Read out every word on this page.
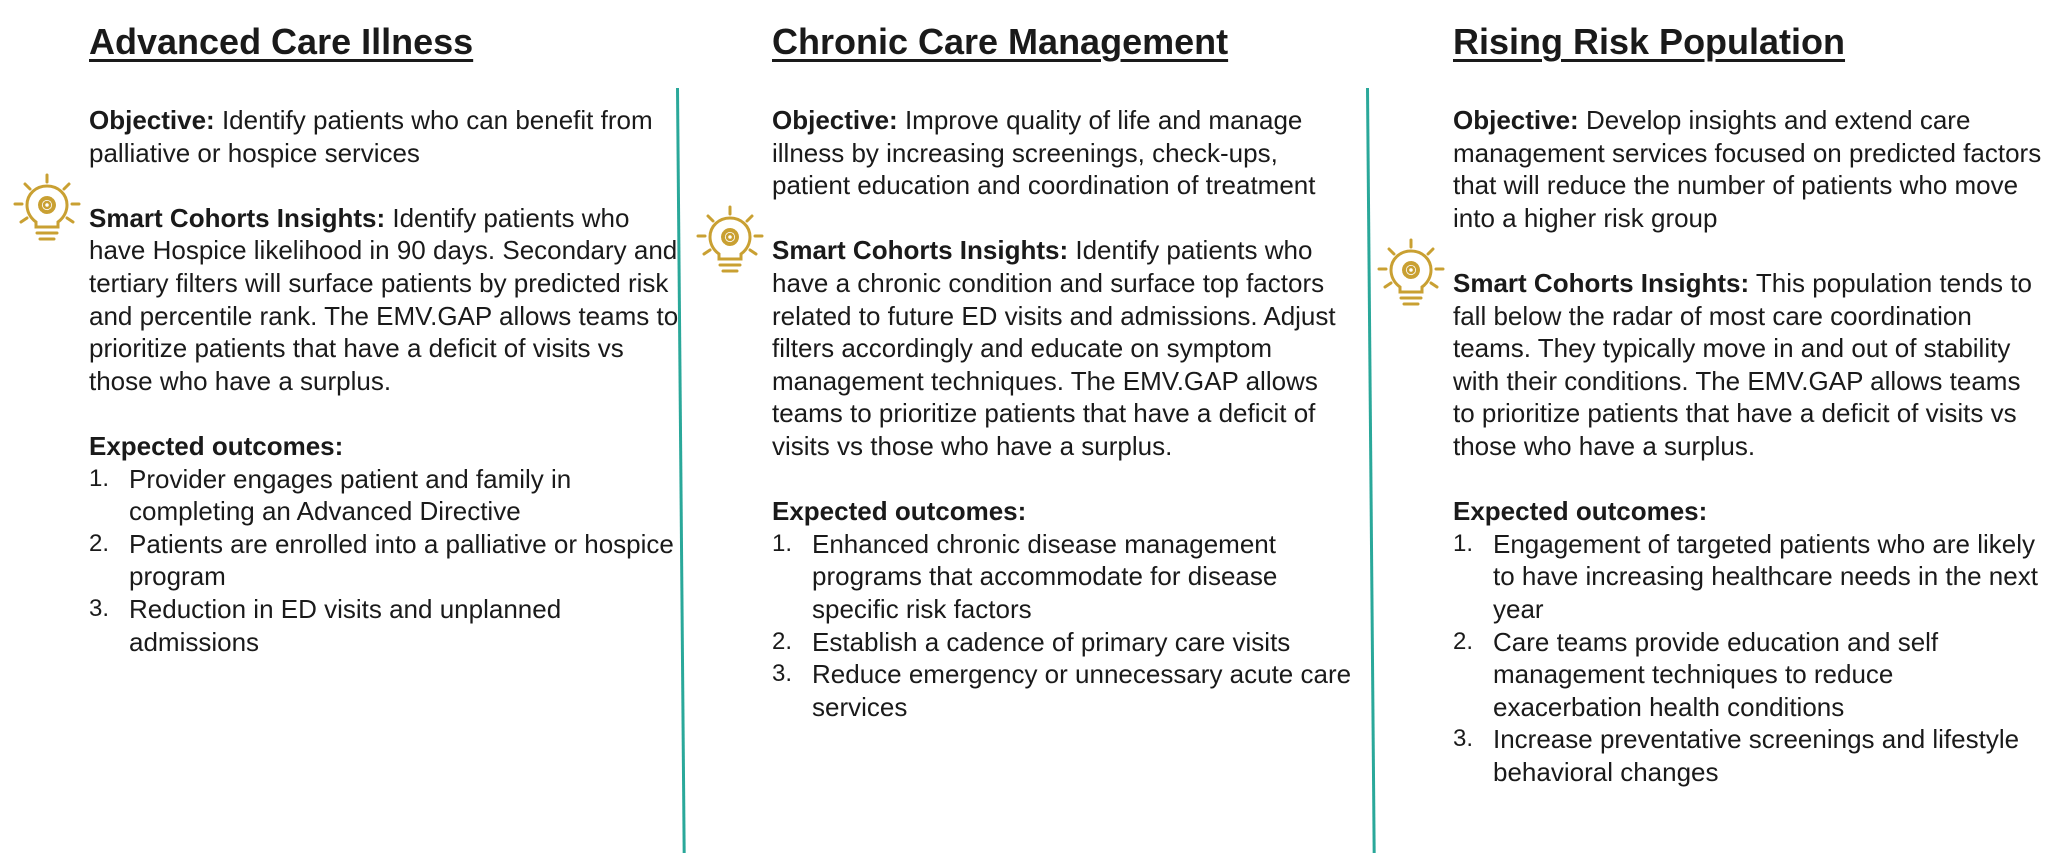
Advanced Care Illness

Objective: Identify patients who can benefit from palliative or hospice services

Smart Cohorts Insights: Identify patients who have Hospice likelihood in 90 days. Secondary and tertiary filters will surface patients by predicted risk and percentile rank. The EMV.GAP allows teams to prioritize patients that have a deficit of visits vs those who have a surplus.

Expected outcomes:

1. Provider engages patient and family in completing an Advanced Directive
2. Patients are enrolled into a palliative or hospice program
3. Reduction in ED visits and unplanned admissions
Chronic Care Management

Objective: Improve quality of life and manage illness by increasing screenings, check-ups, patient education and coordination of treatment

Smart Cohorts Insights: Identify patients who have a chronic condition and surface top factors related to future ED visits and admissions. Adjust filters accordingly and educate on symptom management techniques. The EMV.GAP allows teams to prioritize patients that have a deficit of visits vs those who have a surplus.

Expected outcomes:

1. Enhanced chronic disease management programs that accommodate for disease specific risk factors
2. Establish a cadence of primary care visits
3. Reduce emergency or unnecessary acute care services
Rising Risk Population

Objective: Develop insights and extend care management services focused on predicted factors that will reduce the number of patients who move into a higher risk group

Smart Cohorts Insights: This population tends to fall below the radar of most care coordination teams. They typically move in and out of stability with their conditions. The EMV.GAP allows teams to prioritize patients that have a deficit of visits vs those who have a surplus.

Expected outcomes:

1. Engagement of targeted patients who are likely to have increasing healthcare needs in the next year
2. Care teams provide education and self management techniques to reduce exacerbation health conditions
3. Increase preventative screenings and lifestyle behavioral changes
